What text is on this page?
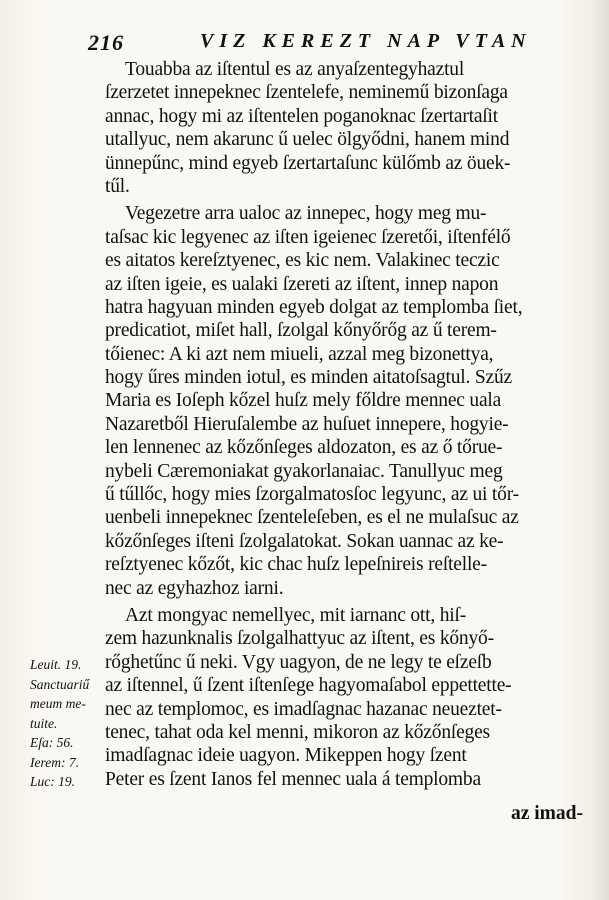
216	VIZ KEREZT NAP VTAN
Touabba az iſtentul es az anyaſzentegyhaztul
ſzerzetet innepeknec ſzentelefe, neminemű bizonſaga
annac, hogy mi az iſtentelen poganoknac ſzertartaſit
utallyuc, nem akarunc ű uelec ölgyődni, hanem mind
ünnepűnc, mind egyeb ſzertartaſunc külőmb az öuek-
tűl.
Vegezetre arra ualoc az innepec, hogy meg mu-
taſsac kic legyenec az iſten igeienec ſzeretői, iſtenfélő
es aitatos kereſztyenec, es kic nem. Valakinec teczic
az iſten igeie, es ualaki ſzereti az iſtent, innep napon
hatra hagyuan minden egyeb dolgat az templomba ſiet,
predicatiot, miſet hall, ſzolgal kőnyőrőg az ű terem-
tőienec: A ki azt nem miueli, azzal meg bizonettya,
hogy űres minden iotul, es minden aitatoſsagtul. Szűz
Maria es Ioſeph kőzel huſz mely főldre mennec uala
Nazaretből Hieruſalembe az huſuet innepere, hogyie-
len lennenec az kőzőnſeges aldozaton, es az ő tőrue-
nybeli Cæremoniakat gyakorlanaiac. Tanullyuc meg
ű tűllőc, hogy mies ſzorgalmatosſoc legyunc, az ui tőr-
uenbeli innepeknec ſzenteleſeben, es el ne mulaſsuc az
kőzőnſeges iſteni ſzolgalatokat. Sokan uannac az ke-
reſztyenec kőzőt, kic chac huſz lepeſnireis reſtelle-
nec az egyhazhoz iarni.
Azt mongyac nemellyec, mit iarnanc ott, hiſ-
zem hazunknalis ſzolgalhattyuc az iſtent, es kőnyő-
rőghetűnc ű neki. Vgy uagyon, de ne legy te eſzeſb
az iſtennel, ű ſzent iſtenſege hagyomaſabol eppettette-
nec az templomoc, es imadſagnac hazanac neueztet-
tenec, tahat oda kel menni, mikoron az kőzőnſeges
imadſagnac ideie uagyon. Mikeppen hogy ſzent
Peter es ſzent Ianos fel mennec uala á templomba
Leuit. 19.
Sanctuariű
meum me-
tuite.
Eſa: 56.
Ierem: 7.
Luc: 19.
az imad-
